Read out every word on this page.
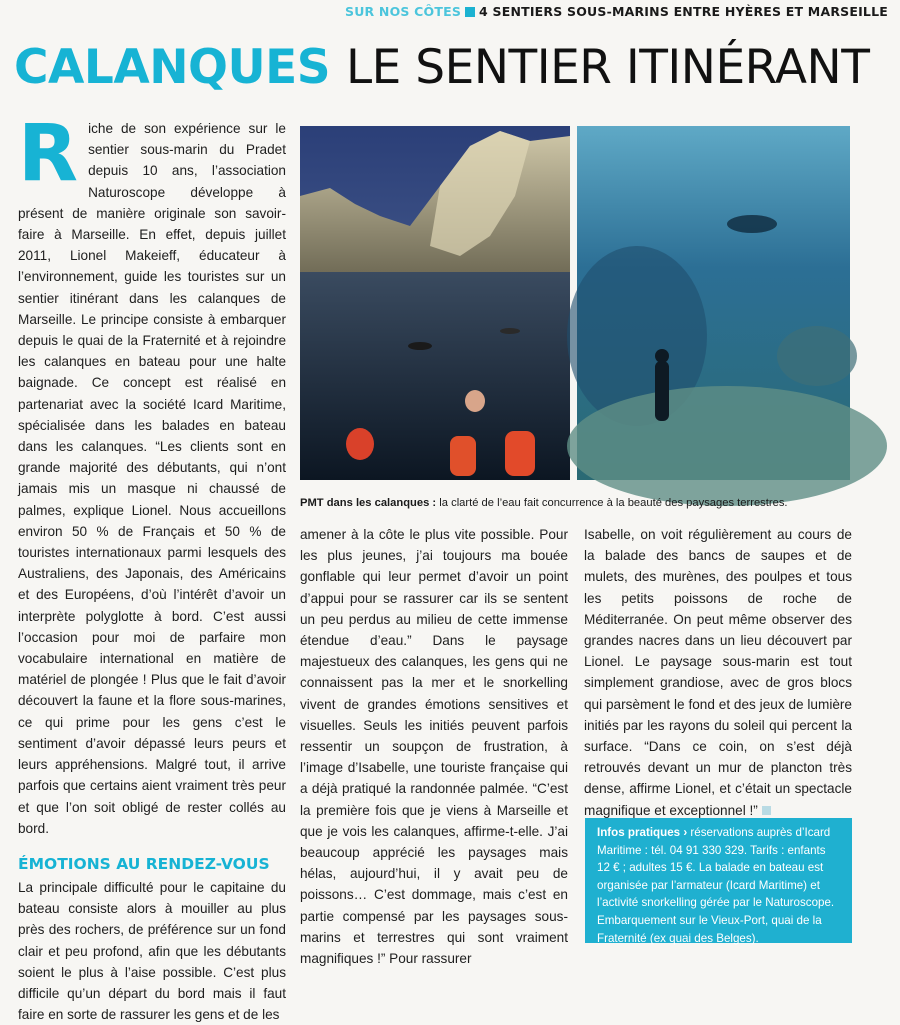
SUR NOS CÔTES 4 SENTIERS SOUS-MARINS ENTRE HYÈRES ET MARSEILLE
CALANQUES LE SENTIER ITINÉRANT

Riche de son expérience sur le sentier sous-marin du Pradet depuis 10 ans, l’association Naturoscope développe à présent de manière originale son savoir-faire à Marseille. En effet, depuis juillet 2011, Lionel Makeieff, éducateur à l’environnement, guide les touristes sur un sentier itinérant dans les calanques de Marseille. Le principe consiste à embarquer depuis le quai de la Fraternité et à rejoindre les calanques en bateau pour une halte baignade. Ce concept est réalisé en partenariat avec la société Icard Maritime, spécialisée dans les balades en bateau dans les calanques. “Les clients sont en grande majorité des débutants, qui n’ont jamais mis un masque ni chaussé de palmes, explique Lionel. Nous accueillons environ 50 % de Français et 50 % de touristes internationaux parmi lesquels des Australiens, des Japonais, des Américains et des Européens, d’où l’intérêt d’avoir un interprète polyglotte à bord. C’est aussi l’occasion pour moi de parfaire mon vocabulaire international en matière de matériel de plongée ! Plus que le fait d’avoir découvert la faune et la flore sous-marines, ce qui prime pour les gens c’est le sentiment d’avoir dépassé leurs peurs et leurs appréhensions. Malgré tout, il arrive parfois que certains aient vraiment très peur et que l’on soit obligé de rester collés au bord.

ÉMOTIONS AU RENDEZ-VOUS

La principale difficulté pour le capitaine du bateau consiste alors à mouiller au plus près des rochers, de préférence sur un fond clair et peu profond, afin que les débutants soient le plus à l’aise possible. C’est plus difficile qu’un départ du bord mais il faut faire en sorte de rassurer les gens et de les

PMT dans les calanques : la clarté de l’eau fait concurrence à la beauté des paysages terrestres.

amener à la côte le plus vite possible. Pour les plus jeunes, j’ai toujours ma bouée gonflable qui leur permet d’avoir un point d’appui pour se rassurer car ils se sentent un peu perdus au milieu de cette immense étendue d’eau.” Dans le paysage majestueux des calanques, les gens qui ne connaissent pas la mer et le snorkelling vivent de grandes émotions sensitives et visuelles. Seuls les initiés peuvent parfois ressentir un soupçon de frustration, à l’image d’Isabelle, une touriste française qui a déjà pratiqué la randonnée palmée. “C’est la première fois que je viens à Marseille et que je vois les calanques, affirme-t-elle. J’ai beaucoup apprécié les paysages mais hélas, aujourd’hui, il y avait peu de poissons… C’est dommage, mais c’est en partie compensé par les paysages sous-marins et terrestres qui sont vraiment magnifiques !” Pour rassurer

Isabelle, on voit régulièrement au cours de la balade des bancs de saupes et de mulets, des murènes, des poulpes et tous les petits poissons de roche de Méditerranée. On peut même observer des grandes nacres dans un lieu découvert par Lionel. Le paysage sous-marin est tout simplement grandiose, avec de gros blocs qui parsèment le fond et des jeux de lumière initiés par les rayons du soleil qui percent la surface. “Dans ce coin, on s’est déjà retrouvés devant un mur de plancton très dense, affirme Lionel, et c’était un spectacle magnifique et exceptionnel !”

Infos pratiques › réservations auprès d’Icard Maritime : tél. 04 91 330 329. Tarifs : enfants 12 € ; adultes 15 €. La balade en bateau est organisée par l’armateur (Icard Maritime) et l’activité snorkelling gérée par le Naturoscope. Embarquement sur le Vieux-Port, quai de la Fraternité (ex quai des Belges).
